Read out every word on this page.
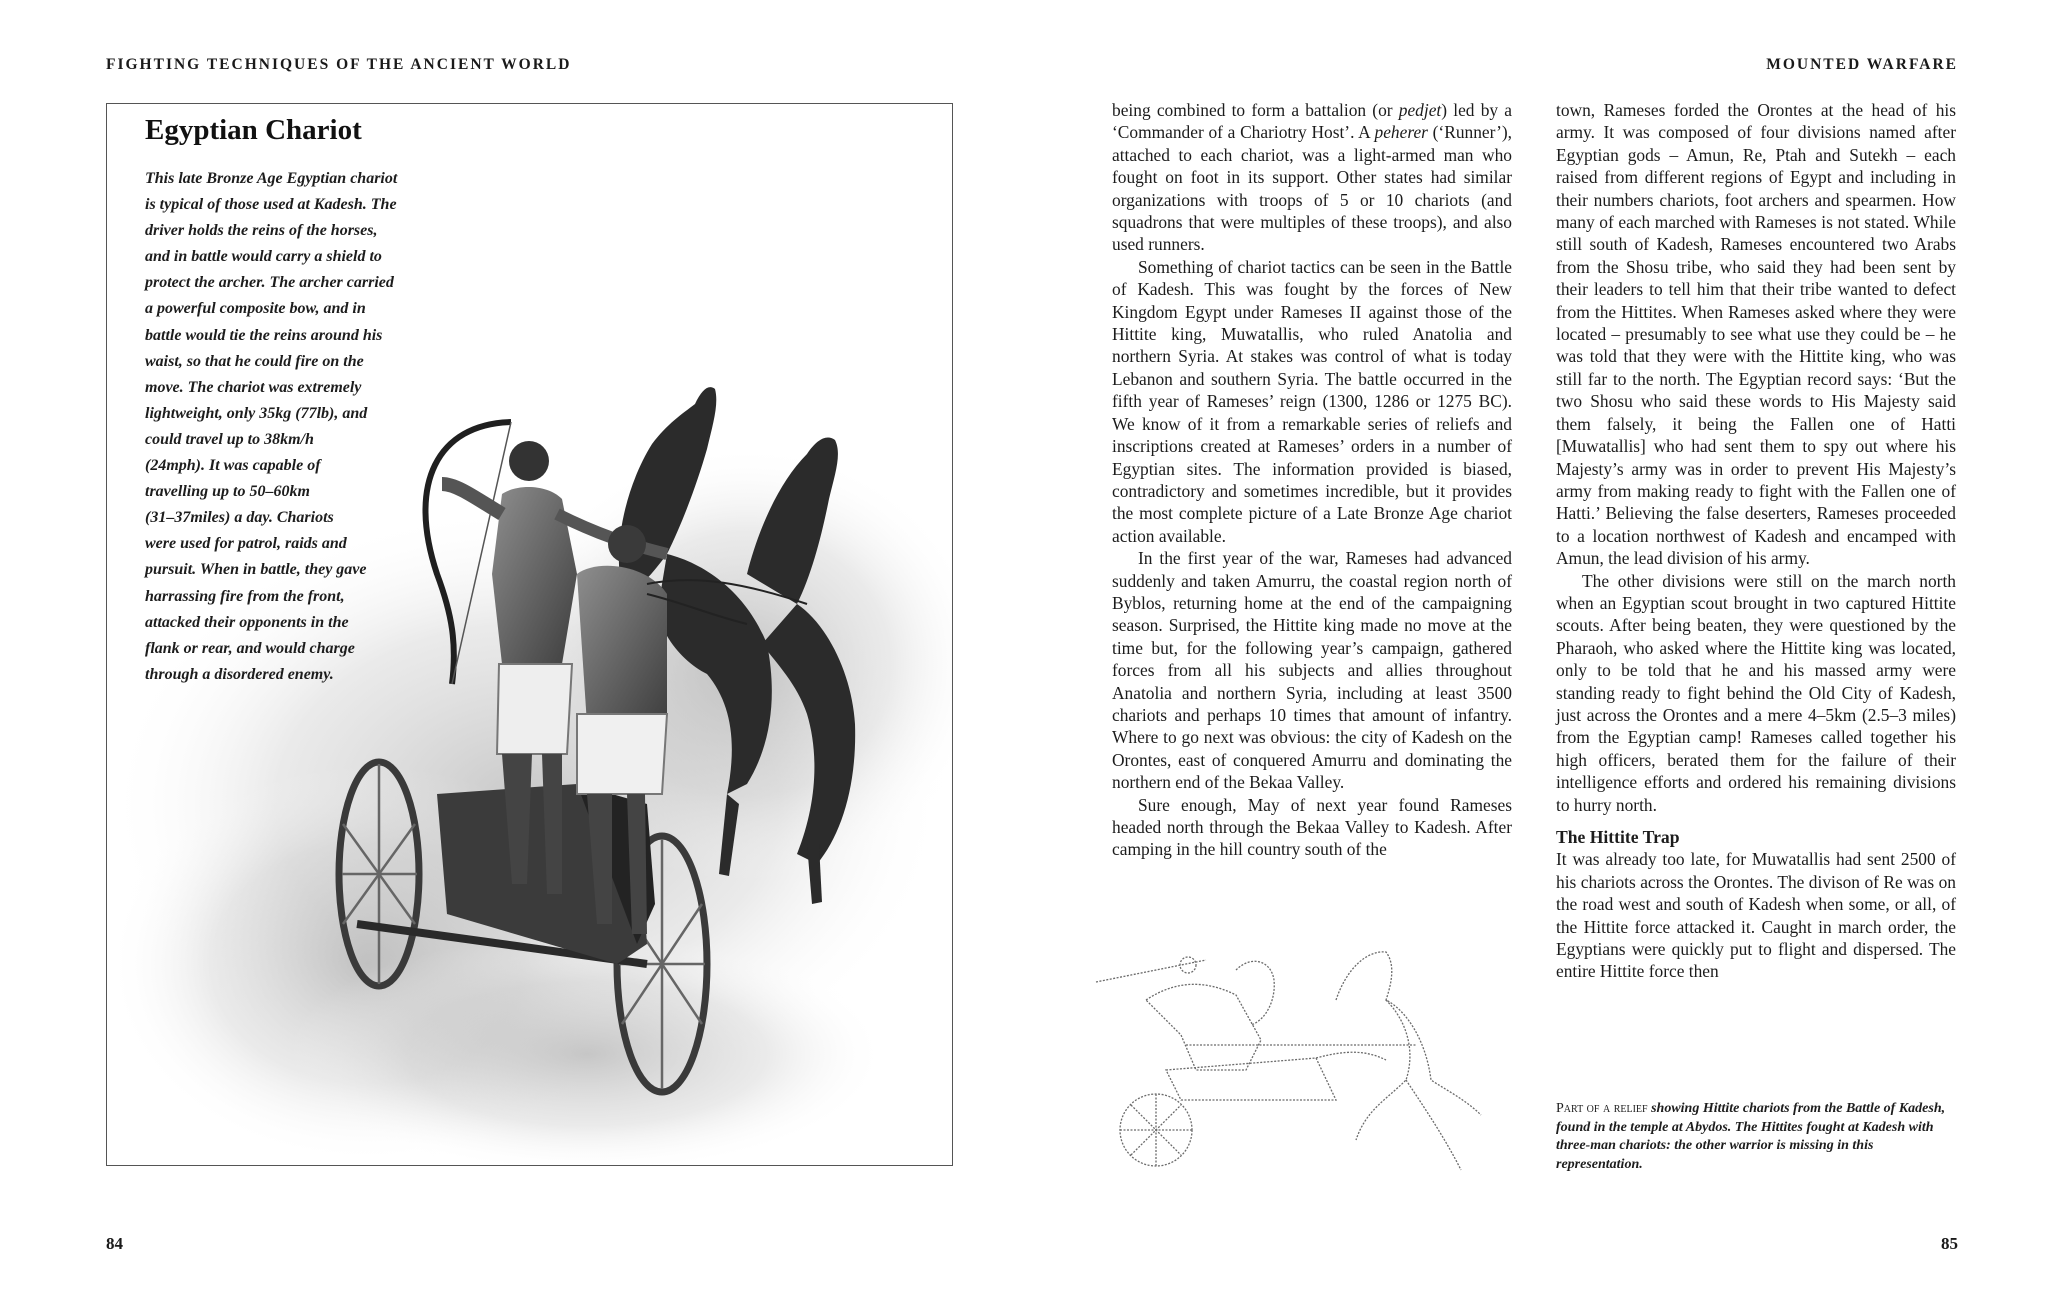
FIGHTING TECHNIQUES OF THE ANCIENT WORLD	MOUNTED WARFARE
Egyptian Chariot
This late Bronze Age Egyptian chariot
is typical of those used at Kadesh. The
driver holds the reins of the horses,
and in battle would carry a shield to
protect the archer. The archer carried
a powerful composite bow, and in
battle would tie the reins around his
waist, so that he could fire on the
move. The chariot was extremely
lightweight, only 35kg (77lb), and
could travel up to 38km/h
(24mph). It was capable of
travelling up to 50–60km
(31–37miles) a day. Chariots
were used for patrol, raids and
pursuit. When in battle, they gave
harrassing fire from the front,
attacked their opponents in the
flank or rear, and would charge
through a disordered enemy.

being combined to form a battalion (or pedjet) led by a ‘Commander of a Chariotry Host’. A peherer (‘Runner’), attached to each chariot, was a light-armed man who fought on foot in its support. Other states had similar organizations with troops of 5 or 10 chariots (and squadrons that were multiples of these troops), and also used runners.

Something of chariot tactics can be seen in the Battle of Kadesh. This was fought by the forces of New Kingdom Egypt under Rameses II against those of the Hittite king, Muwatallis, who ruled Anatolia and northern Syria. At stakes was control of what is today Lebanon and southern Syria. The battle occurred in the fifth year of Rameses’ reign (1300, 1286 or 1275 BC). We know of it from a remarkable series of reliefs and inscriptions created at Rameses’ orders in a number of Egyptian sites. The information provided is biased, contradictory and sometimes incredible, but it provides the most complete picture of a Late Bronze Age chariot action available.

In the first year of the war, Rameses had advanced suddenly and taken Amurru, the coastal region north of Byblos, returning home at the end of the campaigning season. Surprised, the Hittite king made no move at the time but, for the following year’s campaign, gathered forces from all his subjects and allies throughout Anatolia and northern Syria, including at least 3500 chariots and perhaps 10 times that amount of infantry. Where to go next was obvious: the city of Kadesh on the Orontes, east of conquered Amurru and dominating the northern end of the Bekaa Valley.

Sure enough, May of next year found Rameses headed north through the Bekaa Valley to Kadesh. After camping in the hill country south of the

town, Rameses forded the Orontes at the head of his army. It was composed of four divisions named after Egyptian gods – Amun, Re, Ptah and Sutekh – each raised from different regions of Egypt and including in their numbers chariots, foot archers and spearmen. How many of each marched with Rameses is not stated. While still south of Kadesh, Rameses encountered two Arabs from the Shosu tribe, who said they had been sent by their leaders to tell him that their tribe wanted to defect from the Hittites. When Rameses asked where they were located – presumably to see what use they could be – he was told that they were with the Hittite king, who was still far to the north. The Egyptian record says: ‘But the two Shosu who said these words to His Majesty said them falsely, it being the Fallen one of Hatti [Muwatallis] who had sent them to spy out where his Majesty’s army was in order to prevent His Majesty’s army from making ready to fight with the Fallen one of Hatti.’ Believing the false deserters, Rameses proceeded to a location northwest of Kadesh and encamped with Amun, the lead division of his army.

The other divisions were still on the march north when an Egyptian scout brought in two captured Hittite scouts. After being beaten, they were questioned by the Pharaoh, who asked where the Hittite king was located, only to be told that he and his massed army were standing ready to fight behind the Old City of Kadesh, just across the Orontes and a mere 4–5km (2.5–3 miles) from the Egyptian camp! Rameses called together his high officers, berated them for the failure of their intelligence efforts and ordered his remaining divisions to hurry north.

The Hittite Trap

It was already too late, for Muwatallis had sent 2500 of his chariots across the Orontes. The divison of Re was on the road west and south of Kadesh when some, or all, of the Hittite force attacked it. Caught in march order, the Egyptians were quickly put to flight and dispersed. The entire Hittite force then

Part of a relief showing Hittite chariots from the Battle of Kadesh, found in the temple at Abydos. The Hittites fought at Kadesh with three-man chariots: the other warrior is missing in this representation.
84	85
